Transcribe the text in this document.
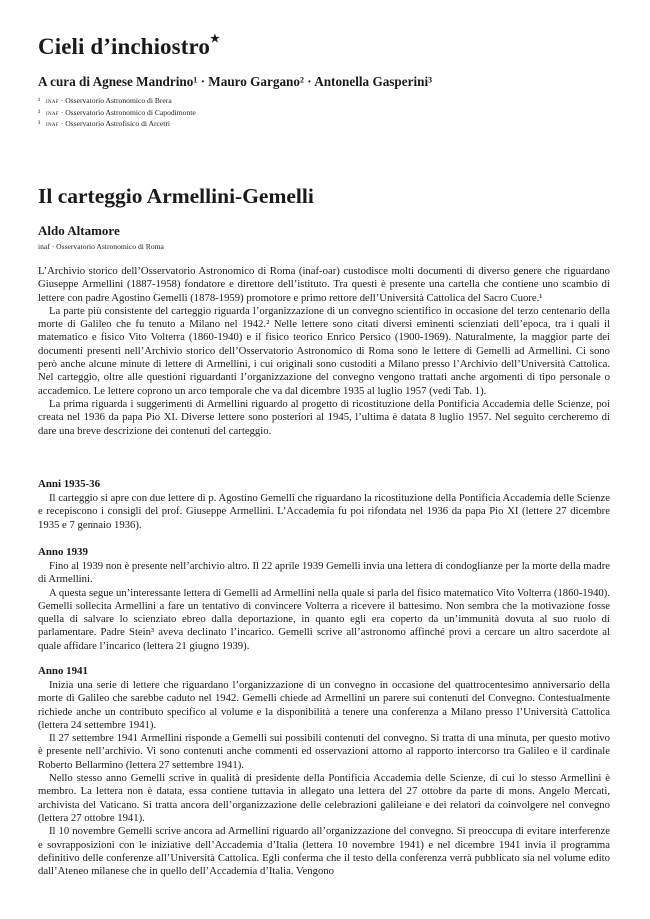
Cieli d’inchiostro★
A cura di Agnese Mandrino¹ · Mauro Gargano² · Antonella Gasperini³
¹ inaf · Osservatorio Astronomico di Brera
² inaf · Osservatorio Astronomico di Capodimonte
³ inaf · Osservatorio Astrofisico di Arcetri
Il carteggio Armellini-Gemelli
Aldo Altamore
inaf · Osservatorio Astronomico di Roma

L’Archivio storico dell’Osservatorio Astronomico di Roma (inaf-oar) custodisce molti documenti di diverso genere che riguardano Giuseppe Armellini (1887-1958) fondatore e direttore dell’istituto. Tra questi è presente una cartella che contiene uno scambio di lettere con padre Agostino Gemelli (1878-1959) promotore e primo rettore dell’Università Cattolica del Sacro Cuore.¹

La parte più consistente del carteggio riguarda l’organizzazione di un convegno scientifico in occasione del terzo centenario della morte di Galileo che fu tenuto a Milano nel 1942.² Nelle lettere sono citati diversi eminenti scienziati dell’epoca, tra i quali il matematico e fisico Vito Volterra (1860-1940) e il fisico teorico Enrico Persico (1900-1969). Naturalmente, la maggior parte dei documenti presenti nell’Archivio storico dell’Osservatorio Astronomico di Roma sono le lettere di Gemelli ad Armellini. Ci sono però anche alcune minute di lettere di Armellini, i cui originali sono custoditi a Milano presso l’Archivio dell’Università Cattolica. Nel carteggio, oltre alle questioni riguardanti l’organizzazione del convegno vengono trattati anche argomenti di tipo personale o accademico. Le lettere coprono un arco temporale che va dal dicembre 1935 al luglio 1957 (vedi Tab. 1).

La prima riguarda i suggerimenti di Armellini riguardo al progetto di ricostituzione della Pontificia Accademia delle Scienze, poi creata nel 1936 da papa Pio XI. Diverse lettere sono posteriori al 1945, l’ultima è datata 8 luglio 1957. Nel seguito cercheremo di dare una breve descrizione dei contenuti del carteggio.

Anni 1935-36

Il carteggio si apre con due lettere di p. Agostino Gemelli che riguardano la ricostituzione della Pontificia Accademia delle Scienze e recepiscono i consigli del prof. Giuseppe Armellini. L’Accademia fu poi rifondata nel 1936 da papa Pio XI (lettere 27 dicembre 1935 e 7 gennaio 1936).

Anno 1939

Fino al 1939 non è presente nell’archivio altro. Il 22 aprile 1939 Gemelli invia una lettera di condoglianze per la morte della madre di Armellini.

A questa segue un’interessante lettera di Gemelli ad Armellini nella quale si parla del fisico matematico Vito Volterra (1860-1940). Gemelli sollecita Armellini a fare un tentativo di convincere Volterra a ricevere il battesimo. Non sembra che la motivazione fosse quella di salvare lo scienziato ebreo dalla deportazione, in quanto egli era coperto da un’immunità dovuta al suo ruolo di parlamentare. Padre Stein³ aveva declinato l’incarico. Gemelli scrive all’astronomo affinché provi a cercare un altro sacerdote al quale affidare l’incarico (lettera 21 giugno 1939).

Anno 1941

Inizia una serie di lettere che riguardano l’organizzazione di un convegno in occasione del quattrocentesimo anniversario della morte di Galileo che sarebbe caduto nel 1942. Gemelli chiede ad Armellini un parere sui contenuti del Convegno. Contestualmente richiede anche un contributo specifico al volume e la disponibilità a tenere una conferenza a Milano presso l’Università Cattolica (lettera 24 settembre 1941).

Il 27 settembre 1941 Armellini risponde a Gemelli sui possibili contenuti del convegno. Si tratta di una minuta, per questo motivo è presente nell’archivio. Vi sono contenuti anche commenti ed osservazioni attorno al rapporto intercorso tra Galileo e il cardinale Roberto Bellarmino (lettera 27 settembre 1941).

Nello stesso anno Gemelli scrive in qualità di presidente della Pontificia Accademia delle Scienze, di cui lo stesso Armellini è membro. La lettera non è datata, essa contiene tuttavia in allegato una lettera del 27 ottobre da parte di mons. Angelo Mercati, archivista del Vaticano. Si tratta ancora dell’organizzazione delle celebrazioni galileiane e dei relatori da coinvolgere nel convegno (lettera 27 ottobre 1941).

Il 10 novembre Gemelli scrive ancora ad Armellini riguardo all’organizzazione del convegno. Si preoccupa di evitare interferenze e sovrapposizioni con le iniziative dell’Accademia d’Italia (lettera 10 novembre 1941) e nel dicembre 1941 invia il programma definitivo delle conferenze all’Università Cattolica. Egli conferma che il testo della conferenza verrà pubblicato sia nel volume edito dall’Ateneo milanese che in quello dell’Accademia d’Italia. Vengono
